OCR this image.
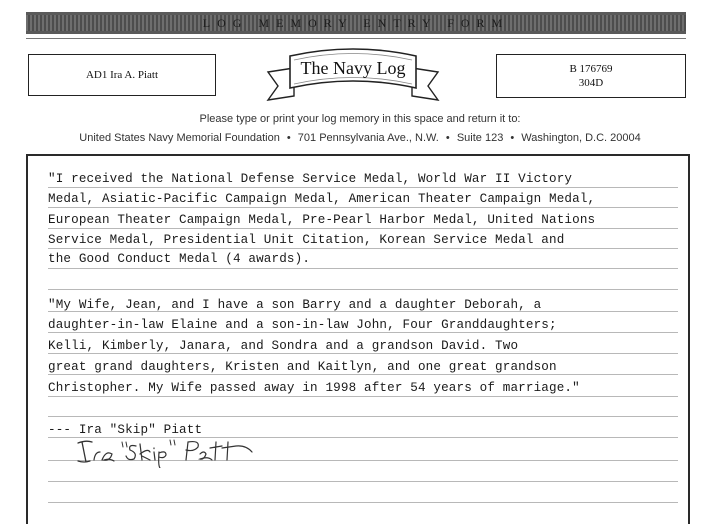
LOG MEMORY ENTRY FORM
AD1 Ira A. Piatt	The Navy Log	B 176769
304D
Please type or print your log memory in this space and return it to:
United States Navy Memorial Foundation • 701 Pennsylvania Ave., N.W. • Suite 123 • Washington, D.C. 20004
"I received the National Defense Service Medal, World War II Victory
Medal, Asiatic-Pacific Campaign Medal, American Theater Campaign Medal,
European Theater Campaign Medal, Pre-Pearl Harbor Medal, United Nations
Service Medal, Presidential Unit Citation, Korean Service Medal and
the Good Conduct Medal (4 awards).
"My Wife, Jean, and I have a son Barry and a daughter Deborah, a
daughter-in-law Elaine and a son-in-law John, Four Granddaughters;
Kelli, Kimberly, Janara, and Sondra and a grandson David. Two
great grand daughters, Kristen and Kaitlyn, and one great grandson
Christopher. My Wife passed away in 1998 after 54 years of marriage."
--- Ira "Skip" Piatt
